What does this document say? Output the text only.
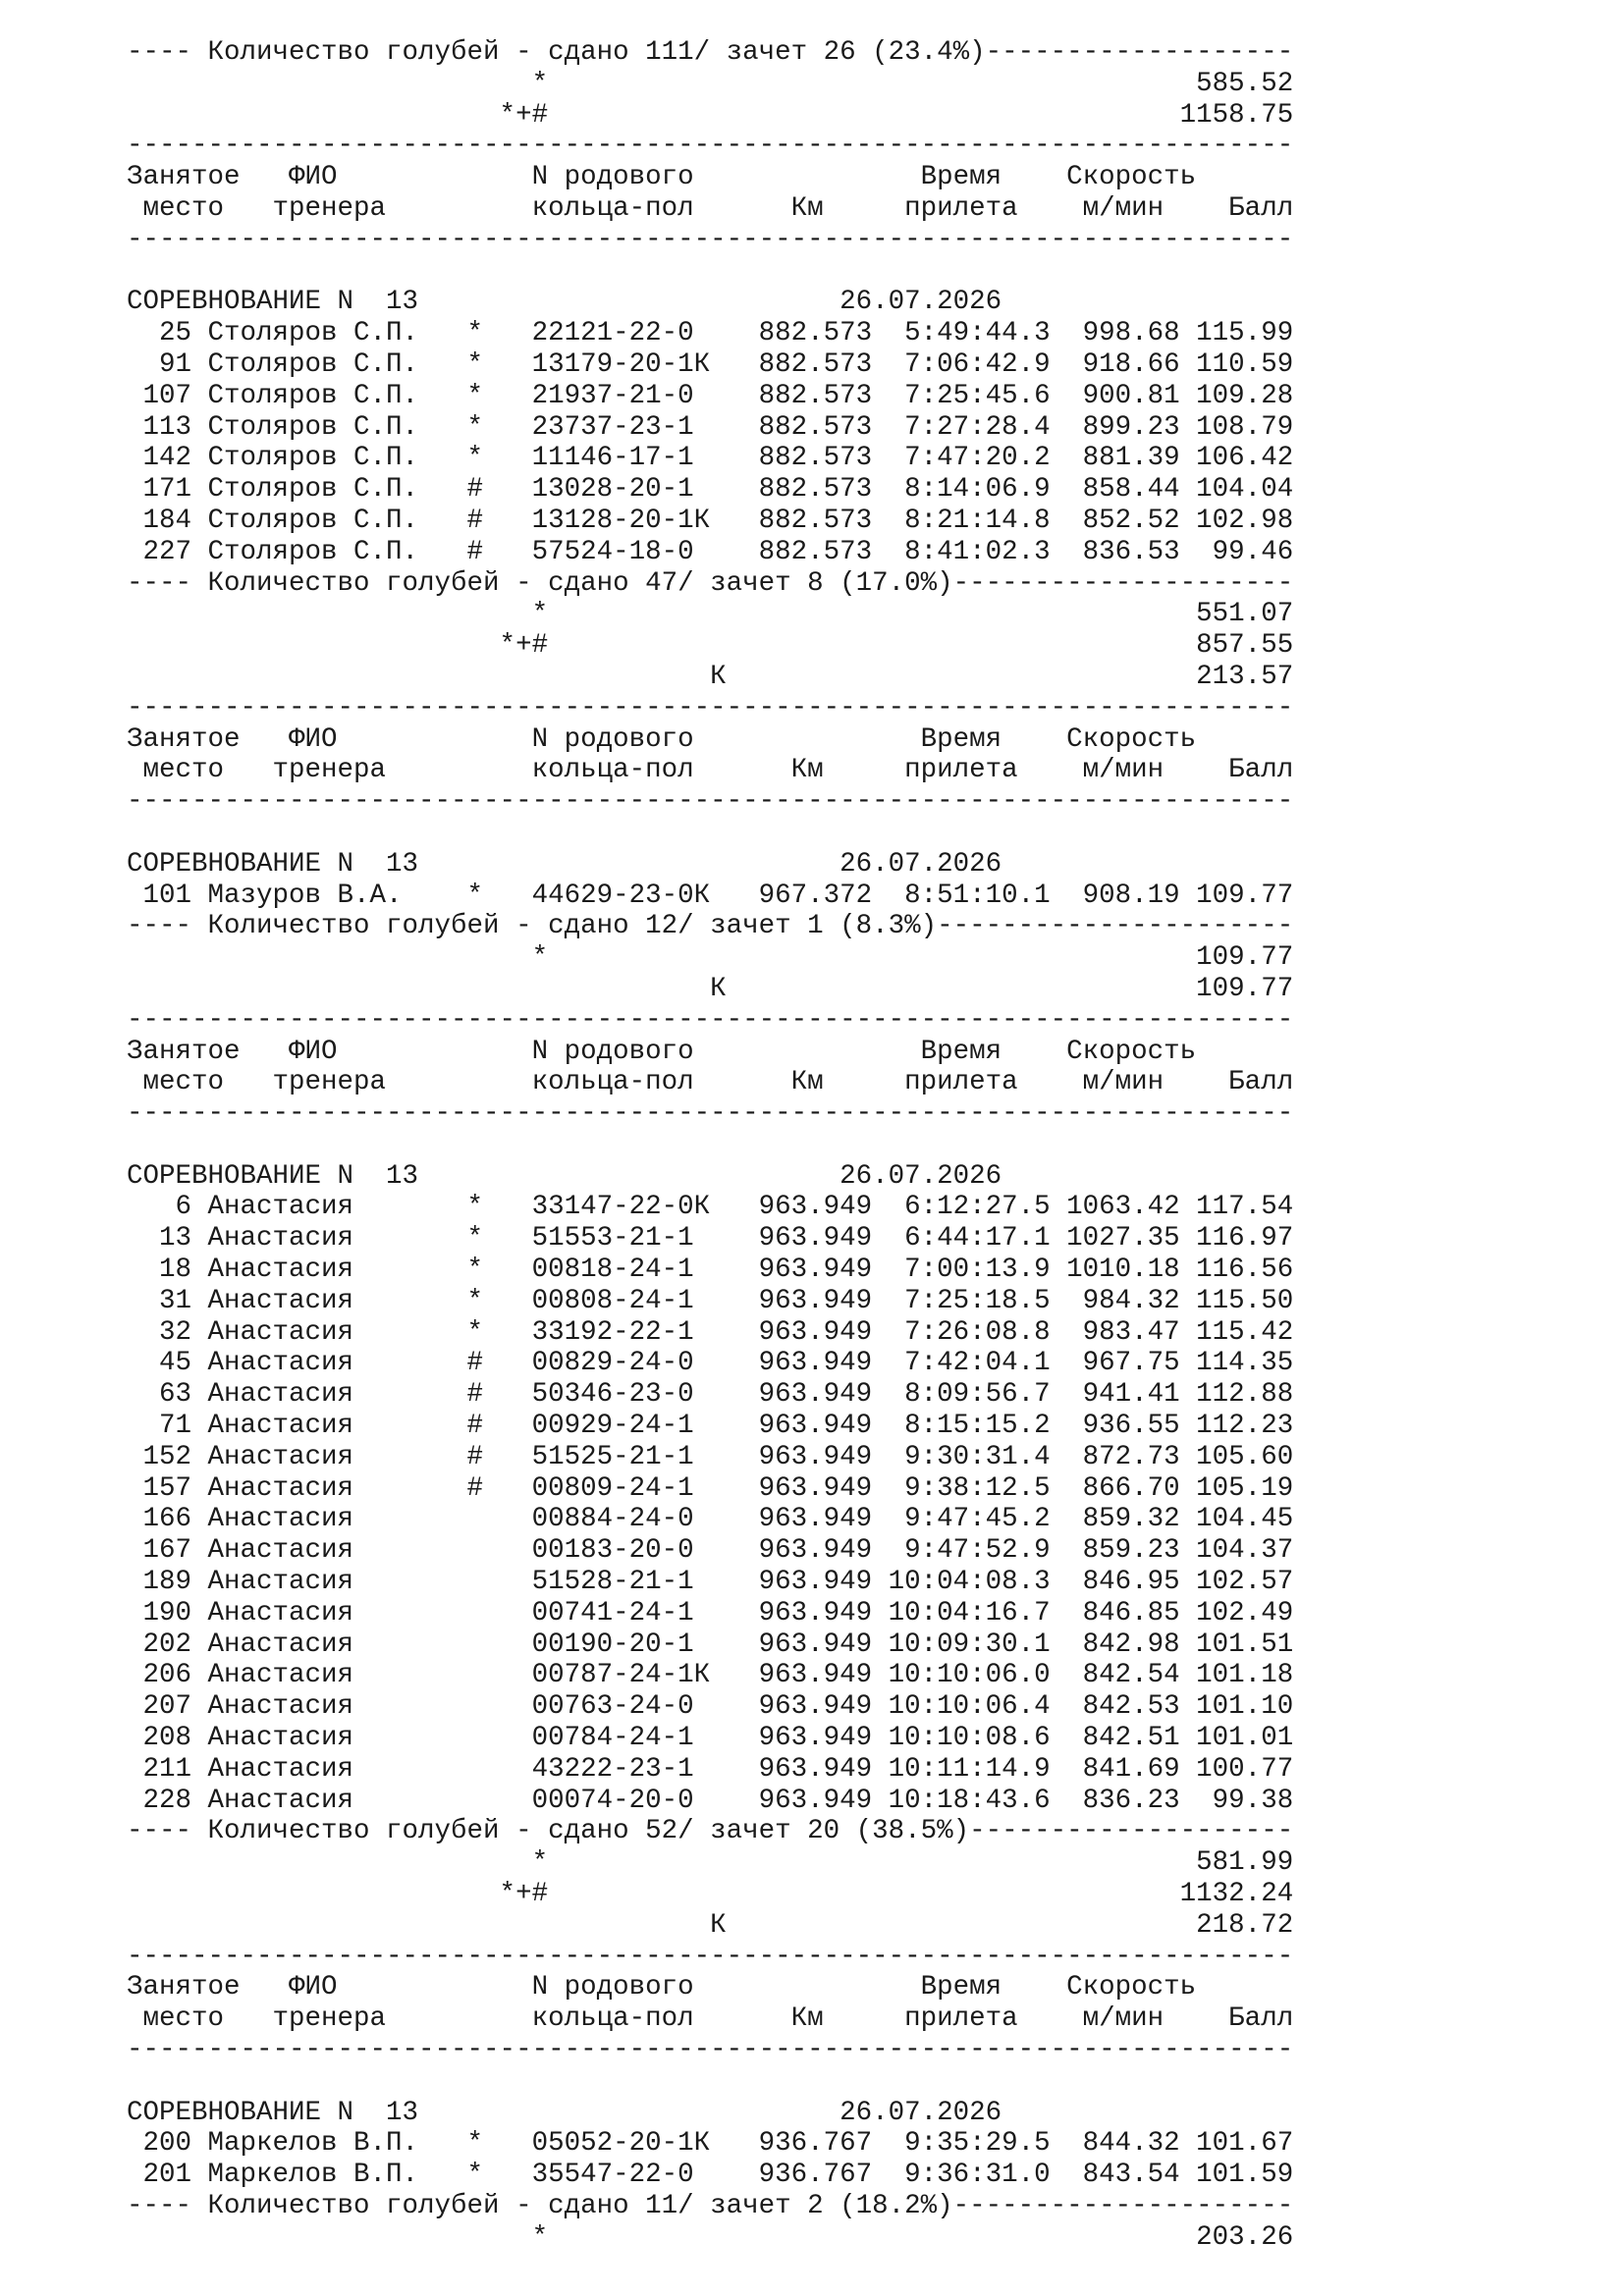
---- Количество голубей - сдано 111/ зачет 26 (23.4%)-------------------
*                                        585.52
*+#                                       1158.75
------------------------------------------------------------------------
Занятое   ФИО            N родового              Время    Скорость
место   тренера         кольца-пол      Км     прилета    м/мин    Балл
------------------------------------------------------------------------
СОРЕВНОВАНИЕ N  13                          26.07.2026
25 Столяров С.П.   *   22121-22-0    882.573  5:49:44.3  998.68 115.99
91 Столяров С.П.   *   13179-20-1К   882.573  7:06:42.9  918.66 110.59
107 Столяров С.П.   *   21937-21-0    882.573  7:25:45.6  900.81 109.28
113 Столяров С.П.   *   23737-23-1    882.573  7:27:28.4  899.23 108.79
142 Столяров С.П.   *   11146-17-1    882.573  7:47:20.2  881.39 106.42
171 Столяров С.П.   #   13028-20-1    882.573  8:14:06.9  858.44 104.04
184 Столяров С.П.   #   13128-20-1К   882.573  8:21:14.8  852.52 102.98
227 Столяров С.П.   #   57524-18-0    882.573  8:41:02.3  836.53  99.46
---- Количество голубей - сдано 47/ зачет 8 (17.0%)---------------------
*                                        551.07
*+#                                        857.55
К                             213.57
------------------------------------------------------------------------
Занятое   ФИО            N родового              Время    Скорость
место   тренера         кольца-пол      Км     прилета    м/мин    Балл
------------------------------------------------------------------------
СОРЕВНОВАНИЕ N  13                          26.07.2026
101 Мазуров В.А.    *   44629-23-0К   967.372  8:51:10.1  908.19 109.77
---- Количество голубей - сдано 12/ зачет 1 (8.3%)----------------------
*                                        109.77
К                             109.77
------------------------------------------------------------------------
Занятое   ФИО            N родового              Время    Скорость
место   тренера         кольца-пол      Км     прилета    м/мин    Балл
------------------------------------------------------------------------
СОРЕВНОВАНИЕ N  13                          26.07.2026
6 Анастасия       *   33147-22-0К   963.949  6:12:27.5 1063.42 117.54
13 Анастасия       *   51553-21-1    963.949  6:44:17.1 1027.35 116.97
18 Анастасия       *   00818-24-1    963.949  7:00:13.9 1010.18 116.56
31 Анастасия       *   00808-24-1    963.949  7:25:18.5  984.32 115.50
32 Анастасия       *   33192-22-1    963.949  7:26:08.8  983.47 115.42
45 Анастасия       #   00829-24-0    963.949  7:42:04.1  967.75 114.35
63 Анастасия       #   50346-23-0    963.949  8:09:56.7  941.41 112.88
71 Анастасия       #   00929-24-1    963.949  8:15:15.2  936.55 112.23
152 Анастасия       #   51525-21-1    963.949  9:30:31.4  872.73 105.60
157 Анастасия       #   00809-24-1    963.949  9:38:12.5  866.70 105.19
166 Анастасия           00884-24-0    963.949  9:47:45.2  859.32 104.45
167 Анастасия           00183-20-0    963.949  9:47:52.9  859.23 104.37
189 Анастасия           51528-21-1    963.949 10:04:08.3  846.95 102.57
190 Анастасия           00741-24-1    963.949 10:04:16.7  846.85 102.49
202 Анастасия           00190-20-1    963.949 10:09:30.1  842.98 101.51
206 Анастасия           00787-24-1К   963.949 10:10:06.0  842.54 101.18
207 Анастасия           00763-24-0    963.949 10:10:06.4  842.53 101.10
208 Анастасия           00784-24-1    963.949 10:10:08.6  842.51 101.01
211 Анастасия           43222-23-1    963.949 10:11:14.9  841.69 100.77
228 Анастасия           00074-20-0    963.949 10:18:43.6  836.23  99.38
---- Количество голубей - сдано 52/ зачет 20 (38.5%)--------------------
*                                        581.99
*+#                                       1132.24
К                             218.72
------------------------------------------------------------------------
Занятое   ФИО            N родового              Время    Скорость
место   тренера         кольца-пол      Км     прилета    м/мин    Балл
------------------------------------------------------------------------
СОРЕВНОВАНИЕ N  13                          26.07.2026
200 Маркелов В.П.   *   05052-20-1К   936.767  9:35:29.5  844.32 101.67
201 Маркелов В.П.   *   35547-22-0    936.767  9:36:31.0  843.54 101.59
---- Количество голубей - сдано 11/ зачет 2 (18.2%)---------------------
*                                        203.26
